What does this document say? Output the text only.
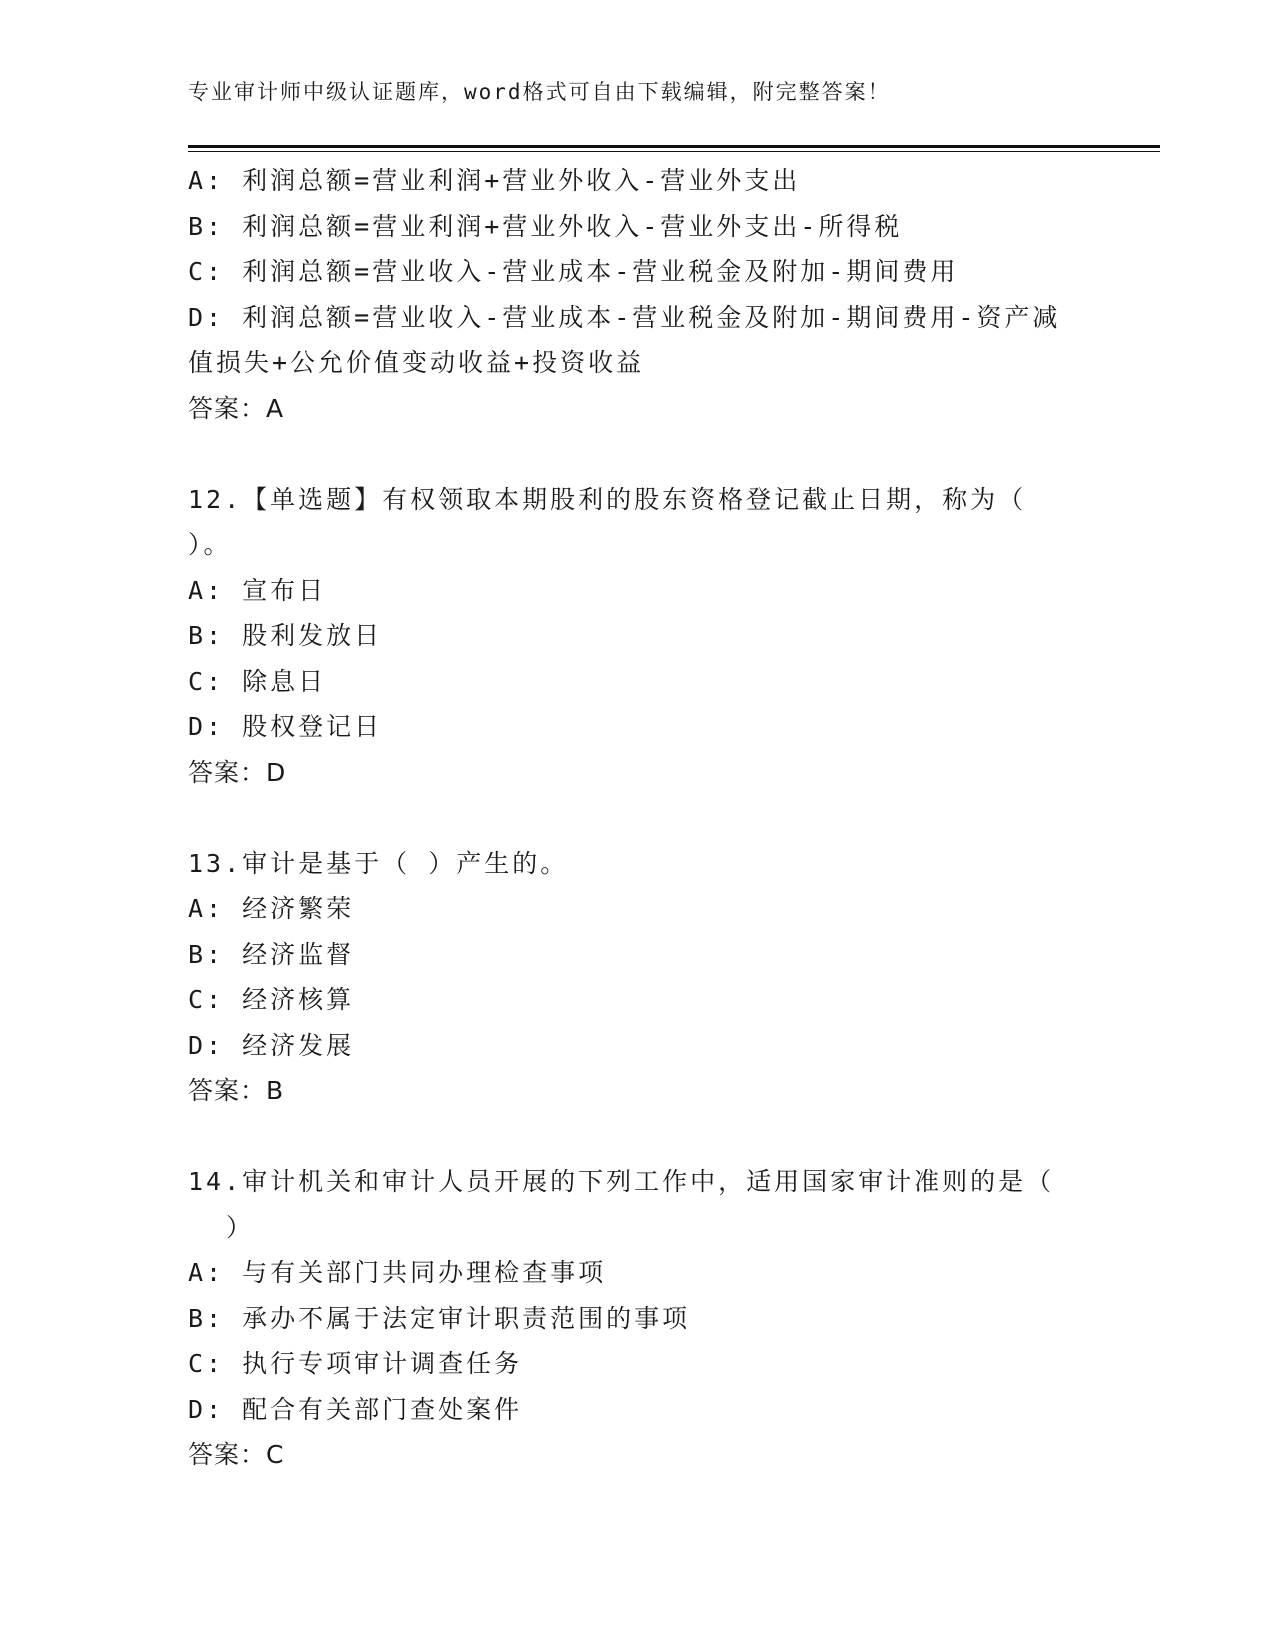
专业审计师中级认证题库，word格式可自由下载编辑，附完整答案！
A: 利润总额=营业利润+营业外收入-营业外支出
B: 利润总额=营业利润+营业外收入-营业外支出-所得税
C: 利润总额=营业收入-营业成本-营业税金及附加-期间费用
D: 利润总额=营业收入-营业成本-营业税金及附加-期间费用-资产减
值损失+公允价值变动收益+投资收益
答案：A
12.【单选题】有权领取本期股利的股东资格登记截止日期，称为（
）。
A: 宣布日
B: 股利发放日
C: 除息日
D: 股权登记日
答案：D
13.审计是基于（ ）产生的。
A: 经济繁荣
B: 经济监督
C: 经济核算
D: 经济发展
答案：B
14.审计机关和审计人员开展的下列工作中，适用国家审计准则的是（
）
A: 与有关部门共同办理检查事项
B: 承办不属于法定审计职责范围的事项
C: 执行专项审计调查任务
D: 配合有关部门查处案件
答案：C
